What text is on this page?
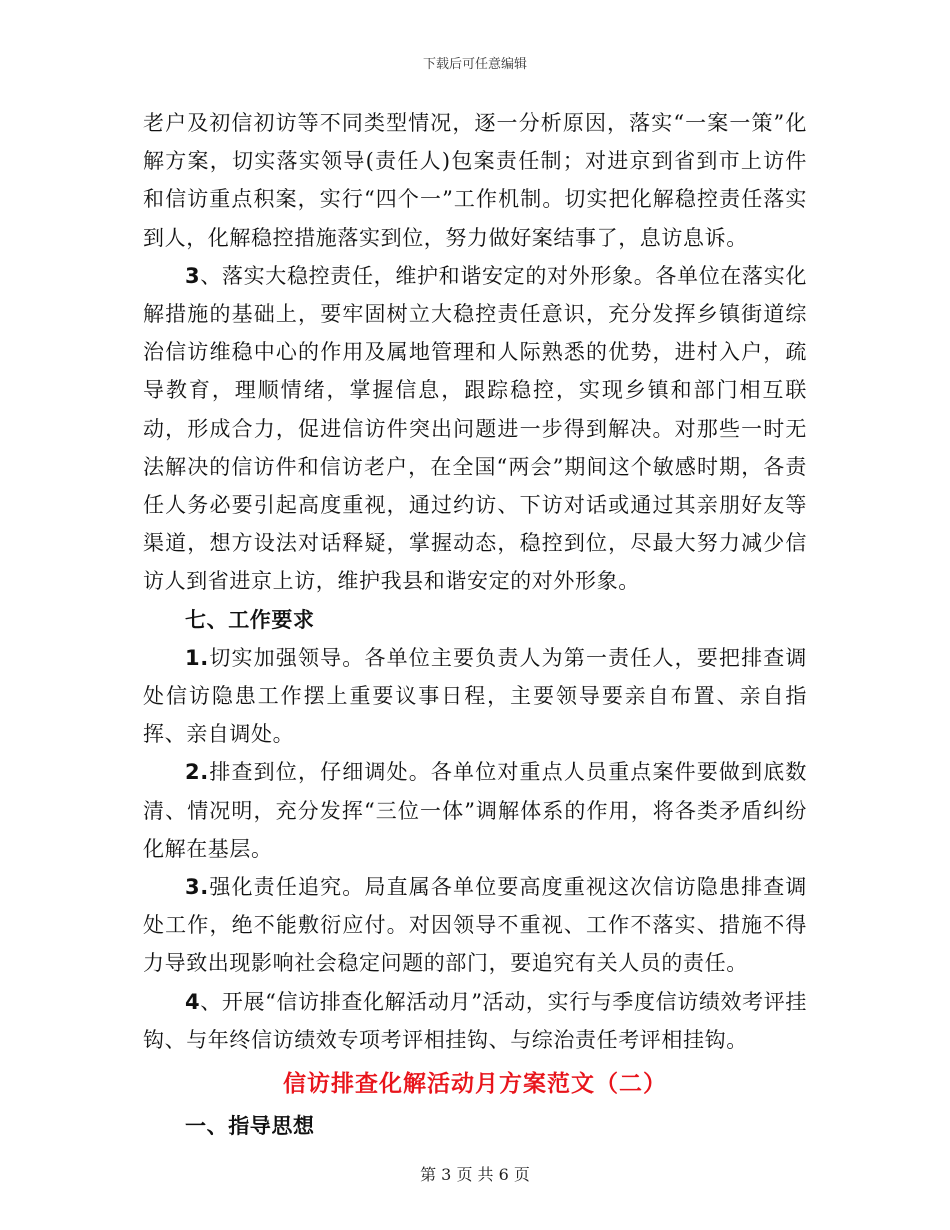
下载后可任意编辑

老户及初信初访等不同类型情况，逐一分析原因，落实“一案一策”化解方案，切实落实领导(责任人)包案责任制；对进京到省到市上访件和信访重点积案，实行“四个一”工作机制。切实把化解稳控责任落实到人，化解稳控措施落实到位，努力做好案结事了，息访息诉。

3、落实大稳控责任，维护和谐安定的对外形象。各单位在落实化解措施的基础上，要牢固树立大稳控责任意识，充分发挥乡镇街道综治信访维稳中心的作用及属地管理和人际熟悉的优势，进村入户，疏导教育，理顺情绪，掌握信息，跟踪稳控，实现乡镇和部门相互联动，形成合力，促进信访件突出问题进一步得到解决。对那些一时无法解决的信访件和信访老户，在全国“两会”期间这个敏感时期，各责任人务必要引起高度重视，通过约访、下访对话或通过其亲朋好友等渠道，想方设法对话释疑，掌握动态，稳控到位，尽最大努力减少信访人到省进京上访，维护我县和谐安定的对外形象。

七、工作要求

1.切实加强领导。各单位主要负责人为第一责任人，要把排查调处信访隐患工作摆上重要议事日程，主要领导要亲自布置、亲自指挥、亲自调处。

2.排查到位，仔细调处。各单位对重点人员重点案件要做到底数清、情况明，充分发挥“三位一体”调解体系的作用，将各类矛盾纠纷化解在基层。

3.强化责任追究。局直属各单位要高度重视这次信访隐患排查调处工作，绝不能敷衍应付。对因领导不重视、工作不落实、措施不得力导致出现影响社会稳定问题的部门，要追究有关人员的责任。

4、开展“信访排查化解活动月”活动，实行与季度信访绩效考评挂钩、与年终信访绩效专项考评相挂钩、与综治责任考评相挂钩。

信访排查化解活动月方案范文（二）

一、指导思想

第 3 页 共 6 页
